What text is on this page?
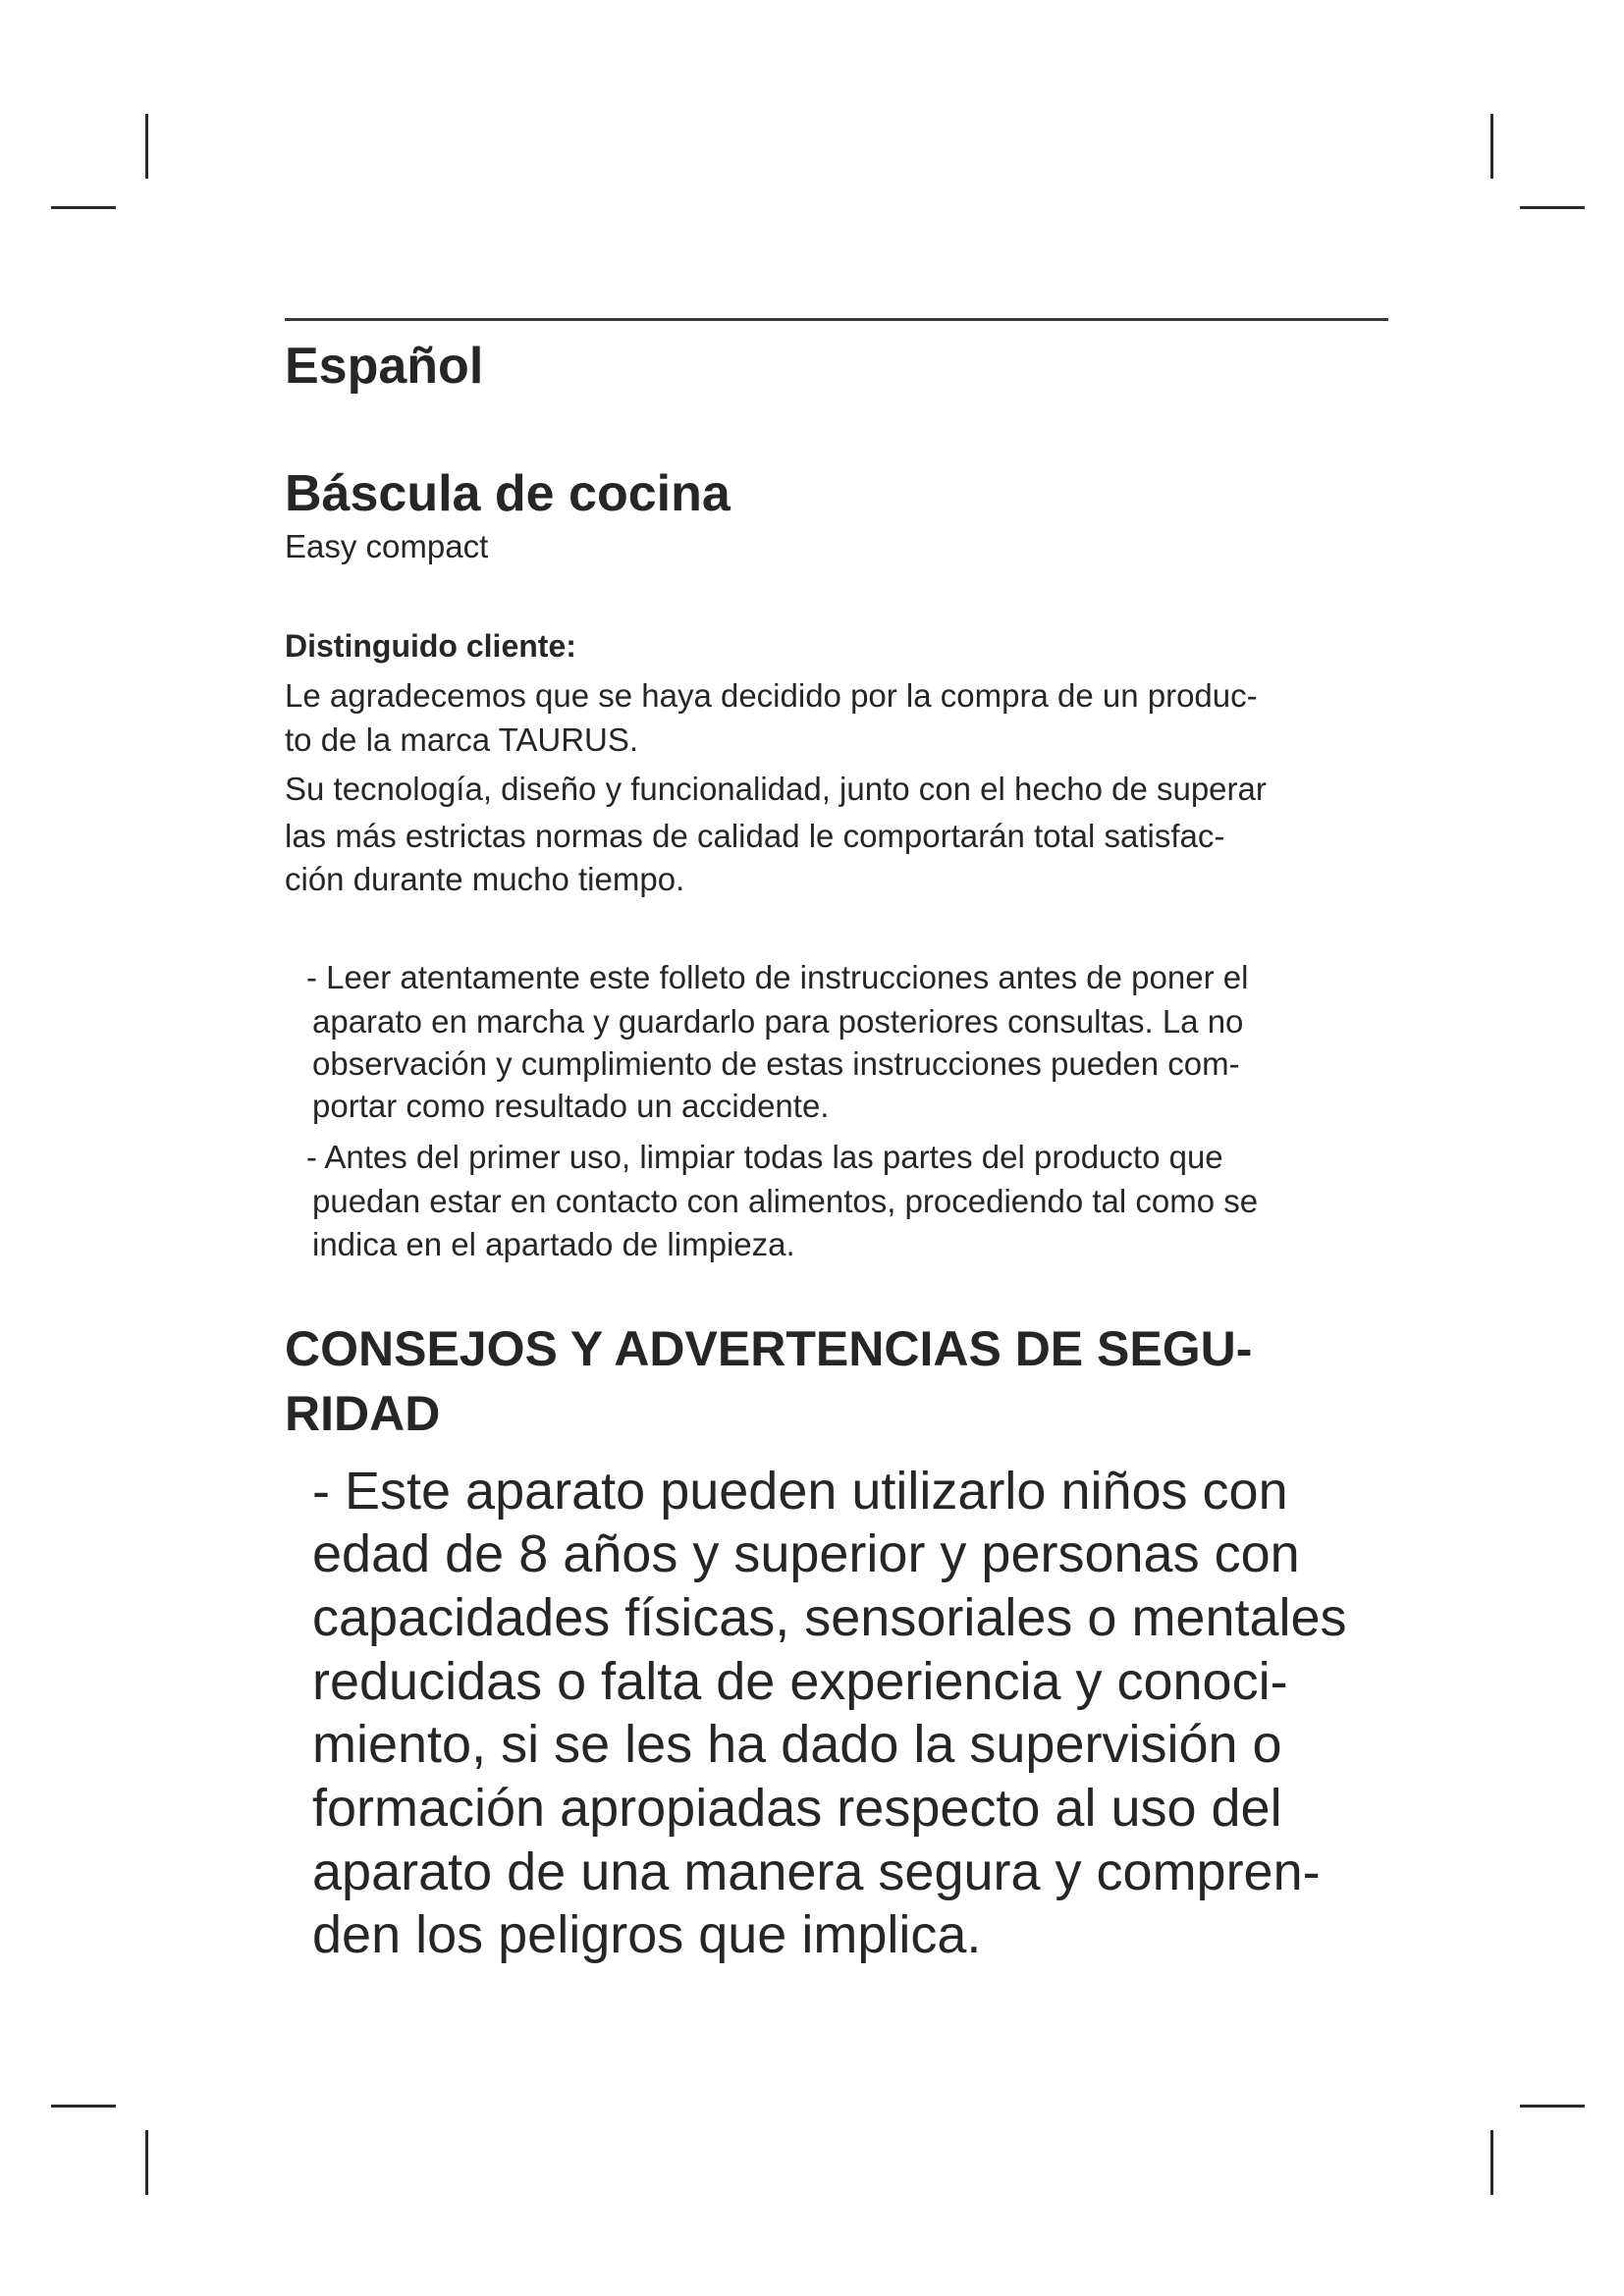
Español
Báscula de cocina
Easy compact
Distinguido cliente:
Le agradecemos que se haya decidido por la compra de un produc-
to de la marca TAURUS.
Su tecnología, diseño y funcionalidad, junto con el hecho de superar
las más estrictas normas de calidad le comportarán total satisfac-
ción durante mucho tiempo.
- Leer atentamente este folleto de instrucciones antes de poner el
aparato en marcha y guardarlo para posteriores consultas. La no
observación y cumplimiento de estas instrucciones pueden com-
portar como resultado un accidente.
- Antes del primer uso, limpiar todas las partes del producto que
puedan estar en contacto con alimentos, procediendo tal como se
indica en el apartado de limpieza.
CONSEJOS Y ADVERTENCIAS DE SEGU-
RIDAD
- Este aparato pueden utilizarlo niños con
edad de 8 años y superior y personas con
capacidades físicas, sensoriales o mentales
reducidas o falta de experiencia y conoci-
miento, si se les ha dado la supervisión o
formación apropiadas respecto al uso del
aparato de una manera segura y compren-
den los peligros que implica.
